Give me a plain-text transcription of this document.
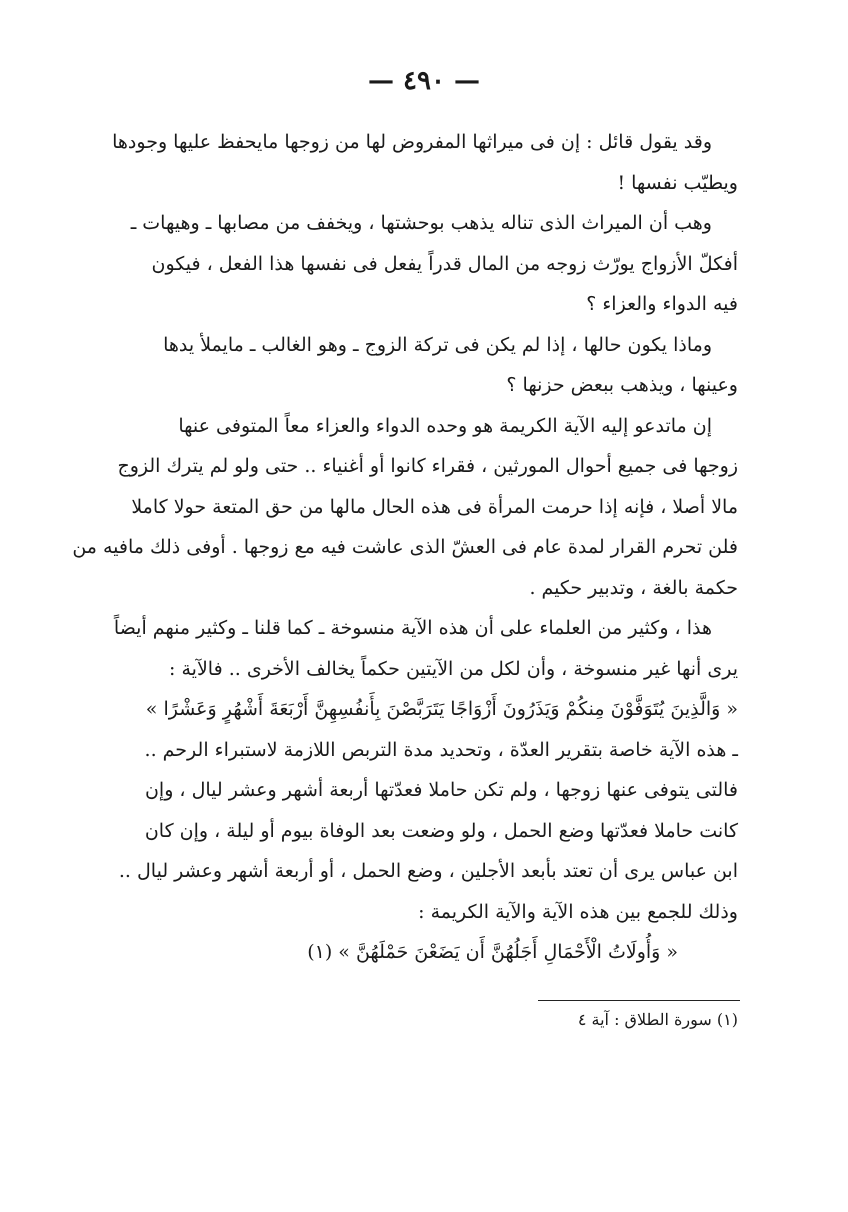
— ٤٩٠ —
وقد يقول قائل : إن فى ميراثها المفروض لها من زوجها مايحفظ عليها وجودها
ويطيّب نفسها !
وهب أن الميراث الذى تناله يذهب بوحشتها ، ويخفف من مصابها ـ وهيهات ـ
أفكلّ الأزواج يورّث زوجه من المال قدراً يفعل فى نفسها هذا الفعل ، فيكون
فيه الدواء والعزاء ؟
وماذا يكون حالها ، إذا لم يكن فى تركة الزوج ـ وهو الغالب ـ مايملأ يدها
وعينها ، ويذهب ببعض حزنها ؟
إن ماتدعو إليه الآية الكريمة هو وحده الدواء والعزاء معاً المتوفى عنها
زوجها فى جميع أحوال المورثين ، فقراء كانوا أو أغنياء .. حتى ولو لم يترك الزوج
مالا أصلا ، فإنه إذا حرمت المرأة فى هذه الحال مالها من حق المتعة حولا كاملا
فلن تحرم القرار لمدة عام فى العشّ الذى عاشت فيه مع زوجها . أوفى ذلك مافيه من
حكمة بالغة ، وتدبير حكيم .
هذا ، وكثير من العلماء على أن هذه الآية منسوخة ـ كما قلنا ـ وكثير منهم أيضاً
يرى أنها غير منسوخة ، وأن لكل من الآيتين حكماً يخالف الأخرى .. فالآية :
« وَالَّذِينَ يُتَوَفَّوْنَ مِنكُمْ وَيَذَرُونَ أَزْوَاجًا يَتَرَبَّصْنَ بِأَنفُسِهِنَّ أَرْبَعَةَ أَشْهُرٍ وَعَشْرًا »
ـ هذه الآية خاصة بتقرير العدّة ، وتحديد مدة التربص اللازمة لاستبراء الرحم ..
فالتى يتوفى عنها زوجها ، ولم تكن حاملا فعدّتها أربعة أشهر وعشر ليال ، وإن
كانت حاملا فعدّتها وضع الحمل ، ولو وضعت بعد الوفاة بيوم أو ليلة ، وإن كان
ابن عباس يرى أن تعتد بأبعد الأجلين ، وضع الحمل ، أو أربعة أشهر وعشر ليال ..
وذلك للجمع بين هذه الآية والآية الكريمة :
« وَأُولَاتُ الْأَحْمَالِ أَجَلُهُنَّ أَن يَضَعْنَ حَمْلَهُنَّ » (١)
(١) سورة الطلاق : آية ٤
